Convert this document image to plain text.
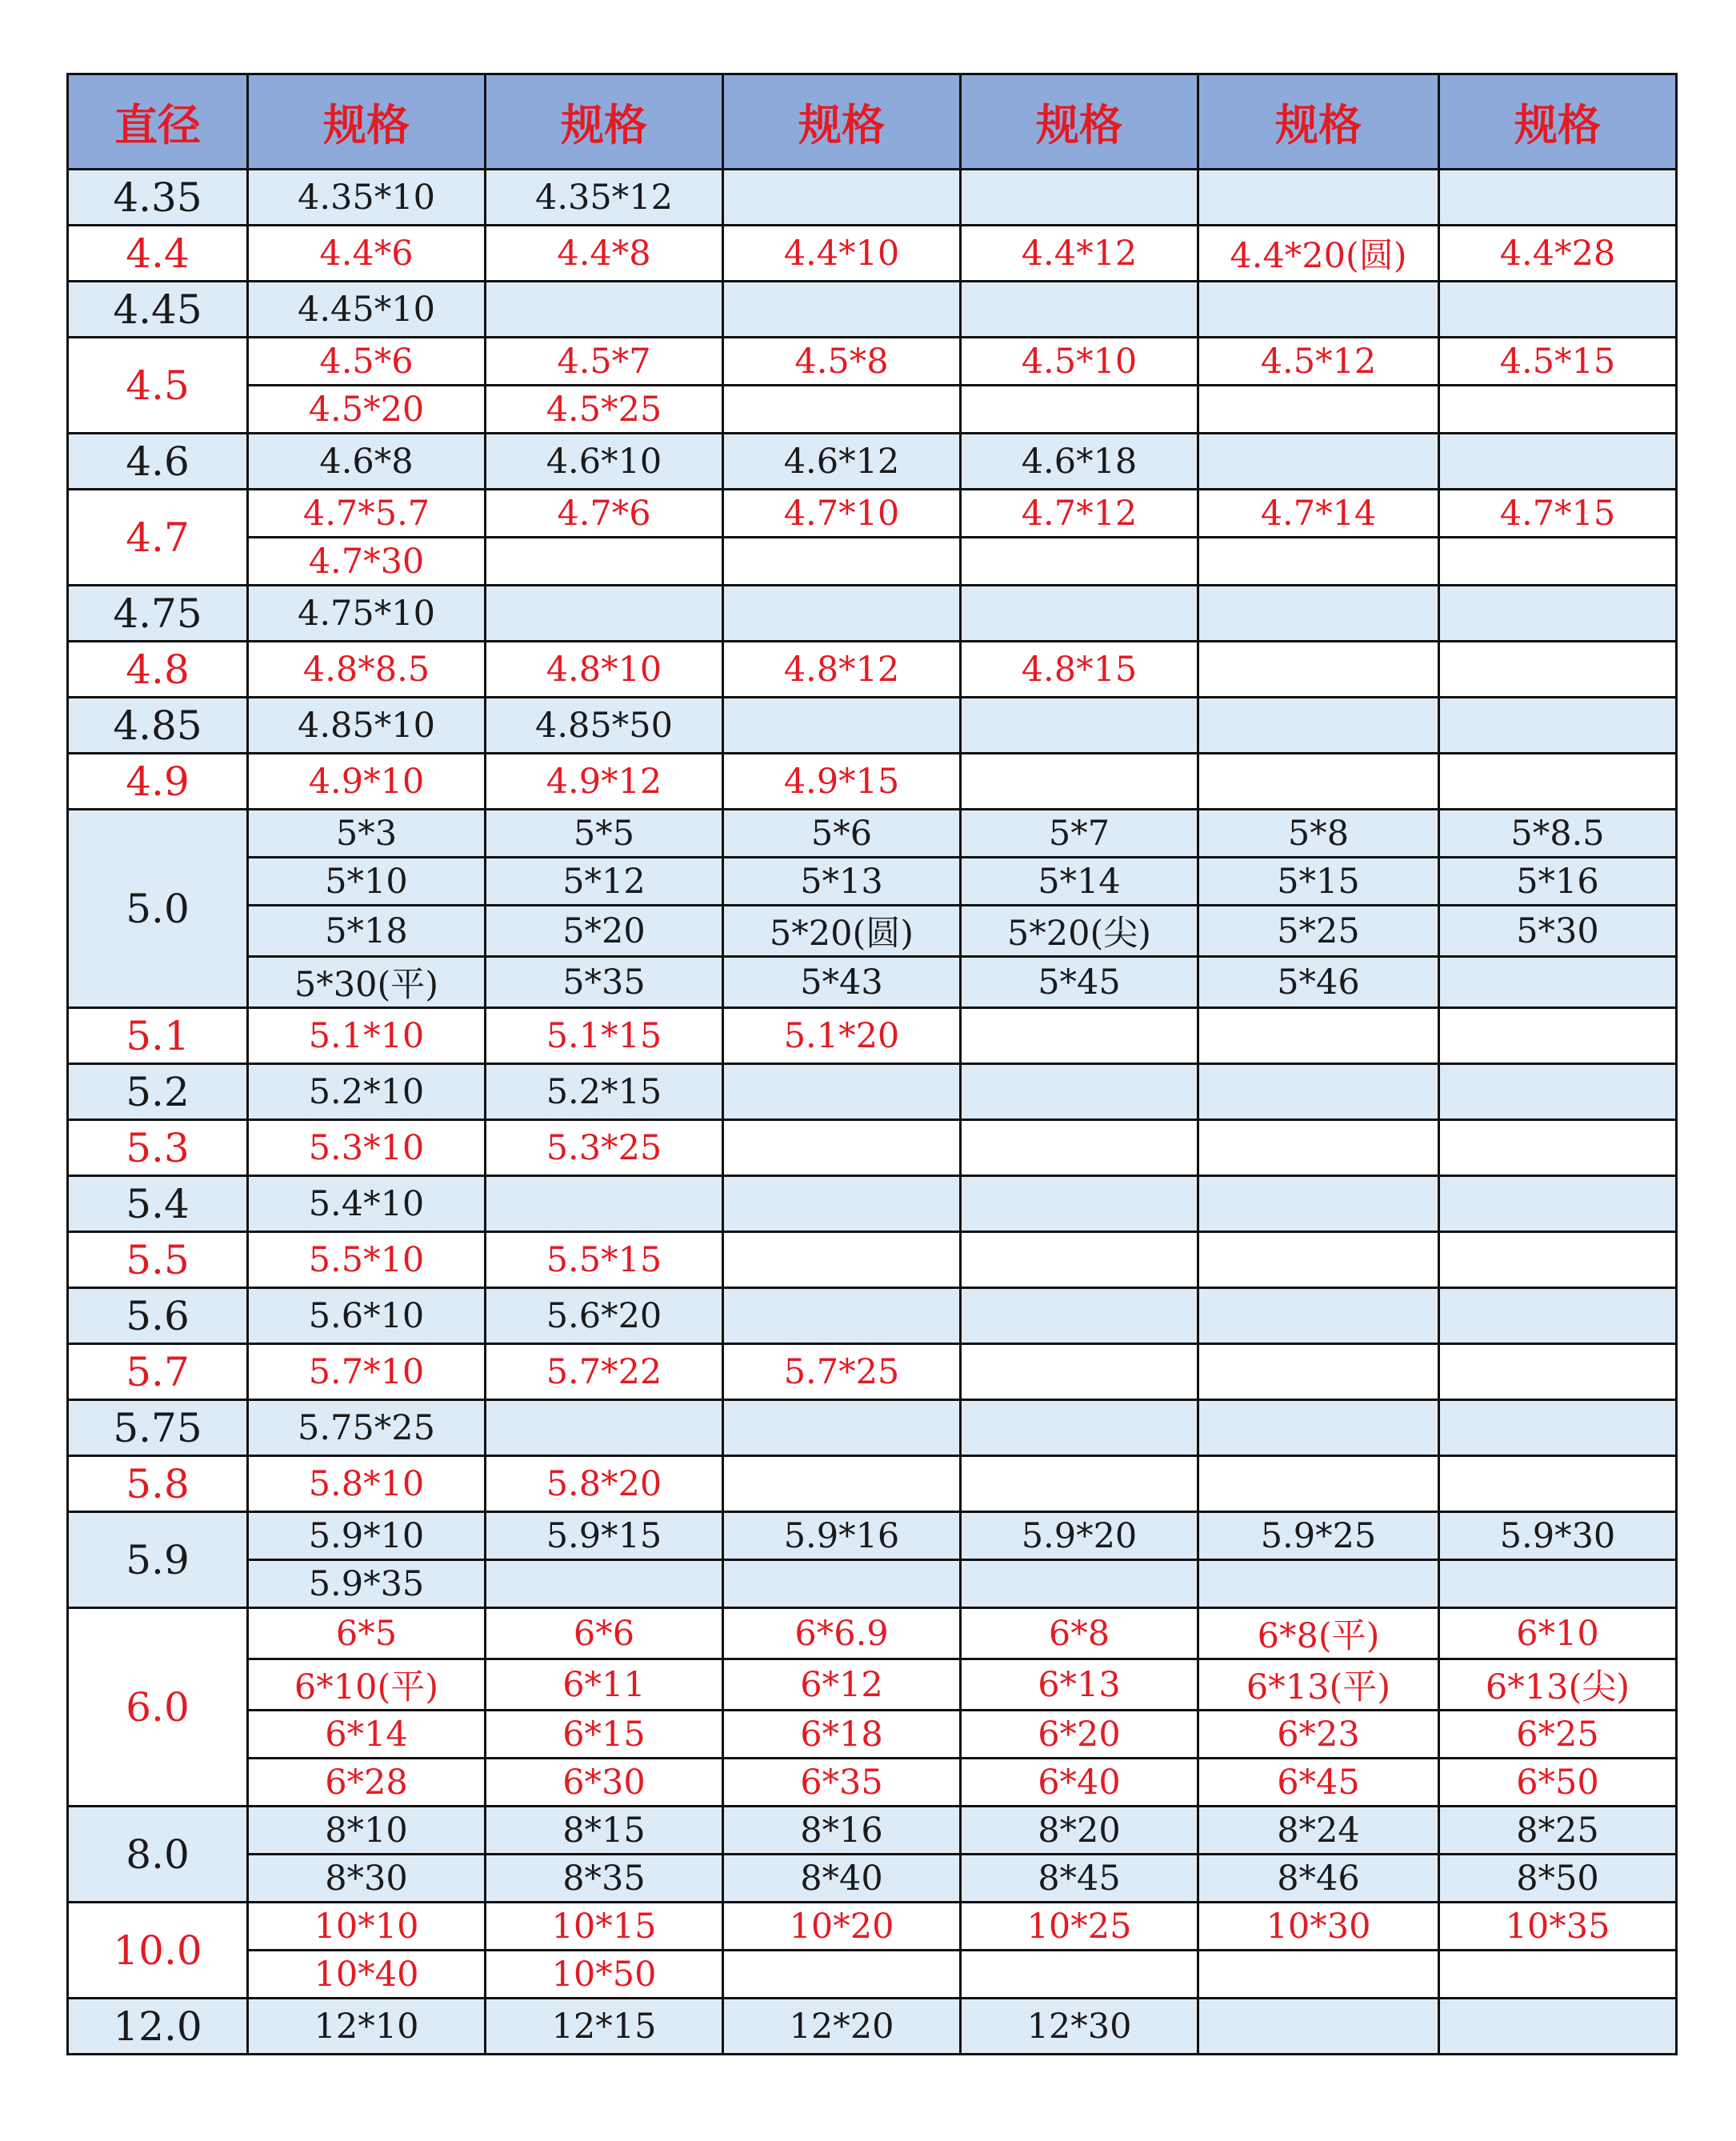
直径	规格	规格	规格	规格	规格	规格
4.35	4.35*10	4.35*12				
4.4	4.4*6	4.4*8	4.4*10	4.4*12	4.4*20(圆)	4.4*28
4.45	4.45*10					
4.5	4.5*6	4.5*7	4.5*8	4.5*10	4.5*12	4.5*15
	4.5*20	4.5*25				
4.6	4.6*8	4.6*10	4.6*12	4.6*18		
4.7	4.7*5.7	4.7*6	4.7*10	4.7*12	4.7*14	4.7*15
	4.7*30					
4.75	4.75*10					
4.8	4.8*8.5	4.8*10	4.8*12	4.8*15		
4.85	4.85*10	4.85*50				
4.9	4.9*10	4.9*12	4.9*15			
5.0	5*3	5*5	5*6	5*7	5*8	5*8.5
	5*10	5*12	5*13	5*14	5*15	5*16
	5*18	5*20	5*20(圆)	5*20(尖)	5*25	5*30
	5*30(平)	5*35	5*43	5*45	5*46	
5.1	5.1*10	5.1*15	5.1*20			
5.2	5.2*10	5.2*15				
5.3	5.3*10	5.3*25				
5.4	5.4*10					
5.5	5.5*10	5.5*15				
5.6	5.6*10	5.6*20				
5.7	5.7*10	5.7*22	5.7*25			
5.75	5.75*25					
5.8	5.8*10	5.8*20				
5.9	5.9*10	5.9*15	5.9*16	5.9*20	5.9*25	5.9*30
	5.9*35					
6.0	6*5	6*6	6*6.9	6*8	6*8(平)	6*10
	6*10(平)	6*11	6*12	6*13	6*13(平)	6*13(尖)
	6*14	6*15	6*18	6*20	6*23	6*25
	6*28	6*30	6*35	6*40	6*45	6*50
8.0	8*10	8*15	8*16	8*20	8*24	8*25
	8*30	8*35	8*40	8*45	8*46	8*50
10.0	10*10	10*15	10*20	10*25	10*30	10*35
	10*40	10*50				
12.0	12*10	12*15	12*20	12*30		
